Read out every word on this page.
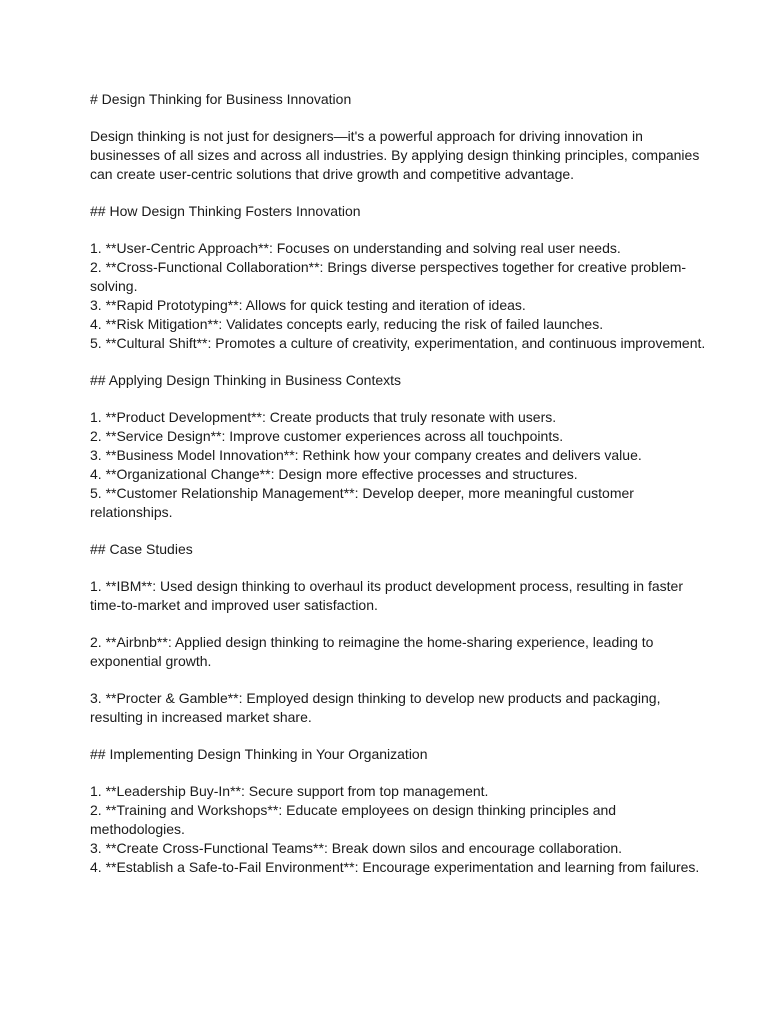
# Design Thinking for Business Innovation

Design thinking is not just for designers—it's a powerful approach for driving innovation in businesses of all sizes and across all industries. By applying design thinking principles, companies can create user-centric solutions that drive growth and competitive advantage.

## How Design Thinking Fosters Innovation

1. **User-Centric Approach**: Focuses on understanding and solving real user needs.
2. **Cross-Functional Collaboration**: Brings diverse perspectives together for creative problem-solving.
3. **Rapid Prototyping**: Allows for quick testing and iteration of ideas.
4. **Risk Mitigation**: Validates concepts early, reducing the risk of failed launches.
5. **Cultural Shift**: Promotes a culture of creativity, experimentation, and continuous improvement.

## Applying Design Thinking in Business Contexts

1. **Product Development**: Create products that truly resonate with users.
2. **Service Design**: Improve customer experiences across all touchpoints.
3. **Business Model Innovation**: Rethink how your company creates and delivers value.
4. **Organizational Change**: Design more effective processes and structures.
5. **Customer Relationship Management**: Develop deeper, more meaningful customer relationships.

## Case Studies

1. **IBM**: Used design thinking to overhaul its product development process, resulting in faster time-to-market and improved user satisfaction.

2. **Airbnb**: Applied design thinking to reimagine the home-sharing experience, leading to exponential growth.

3. **Procter & Gamble**: Employed design thinking to develop new products and packaging, resulting in increased market share.

## Implementing Design Thinking in Your Organization

1. **Leadership Buy-In**: Secure support from top management.
2. **Training and Workshops**: Educate employees on design thinking principles and methodologies.
3. **Create Cross-Functional Teams**: Break down silos and encourage collaboration.
4. **Establish a Safe-to-Fail Environment**: Encourage experimentation and learning from failures.
